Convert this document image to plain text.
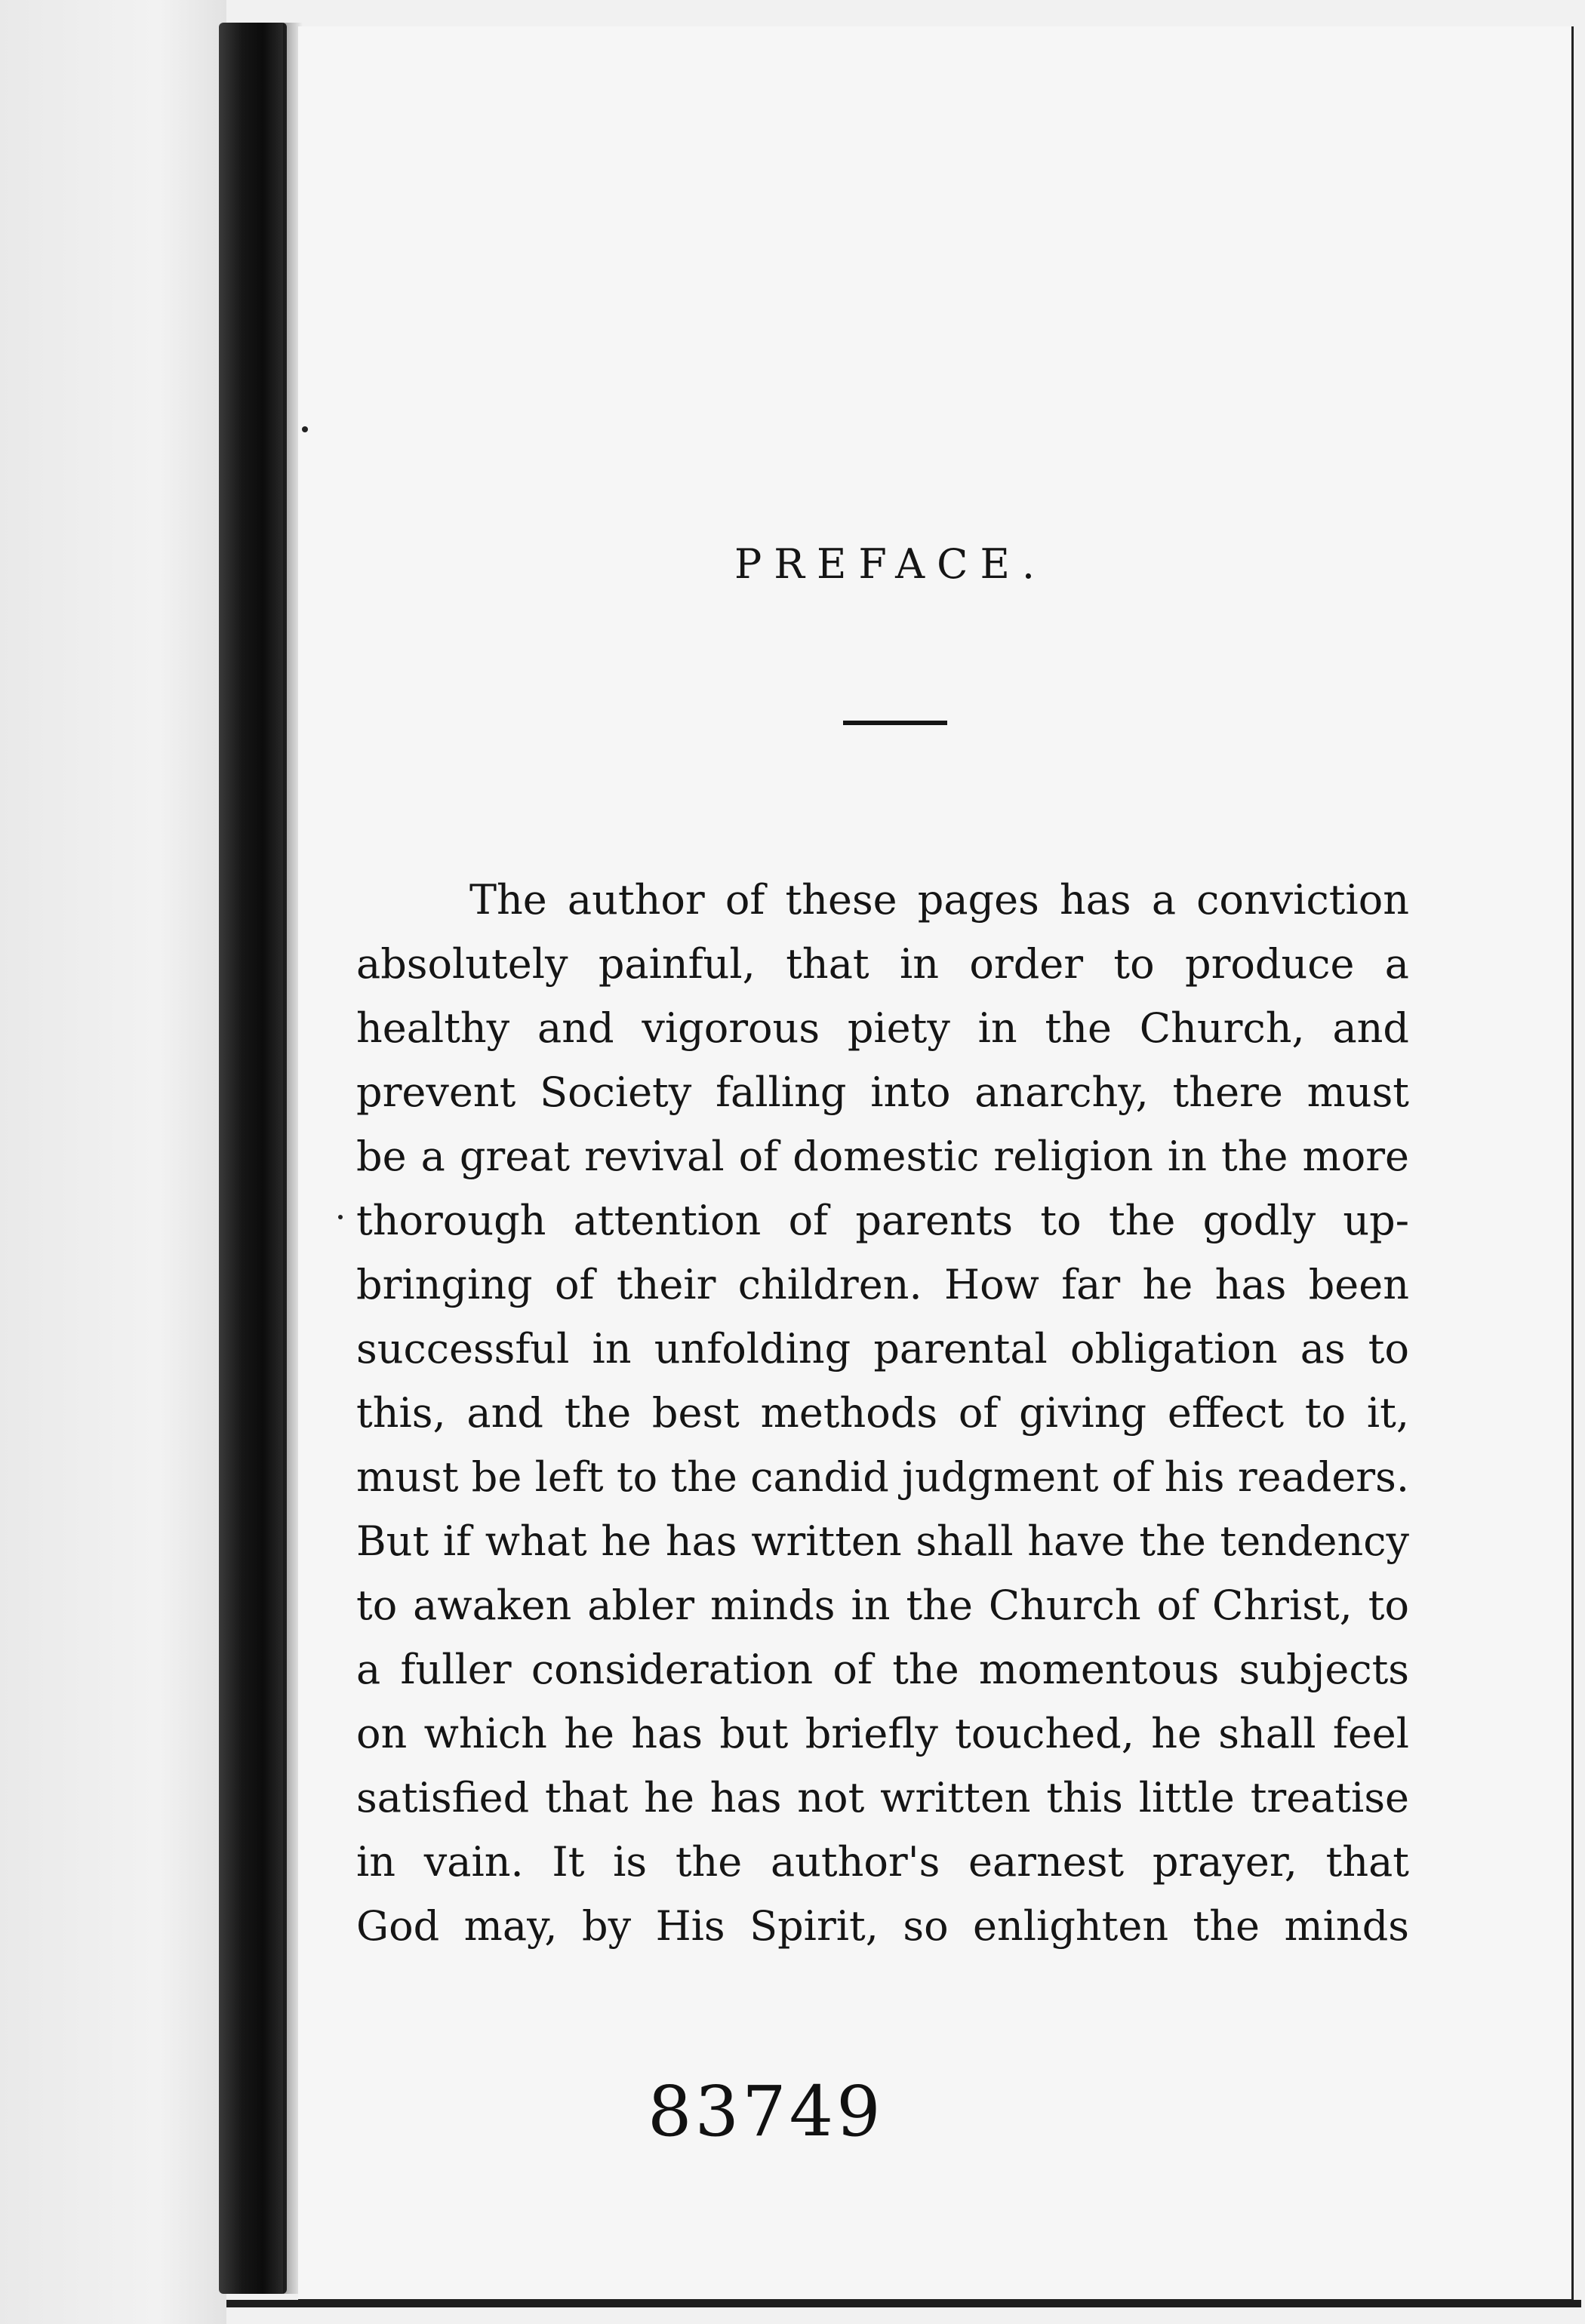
PREFACE.
The author of these pages has a conviction
absolutely painful, that in order to produce a
healthy and vigorous piety in the Church, and
prevent Society falling into anarchy, there must
be a great revival of domestic religion in the more
thorough attention of parents to the godly up-
bringing of their children. How far he has been
successful in unfolding parental obligation as to
this, and the best methods of giving effect to it,
must be left to the candid judgment of his readers.
But if what he has written shall have the tendency
to awaken abler minds in the Church of Christ, to
a fuller consideration of the momentous subjects
on which he has but briefly touched, he shall feel
satisfied that he has not written this little treatise
in vain. It is the author's earnest prayer, that
God may, by His Spirit, so enlighten the minds
83749
